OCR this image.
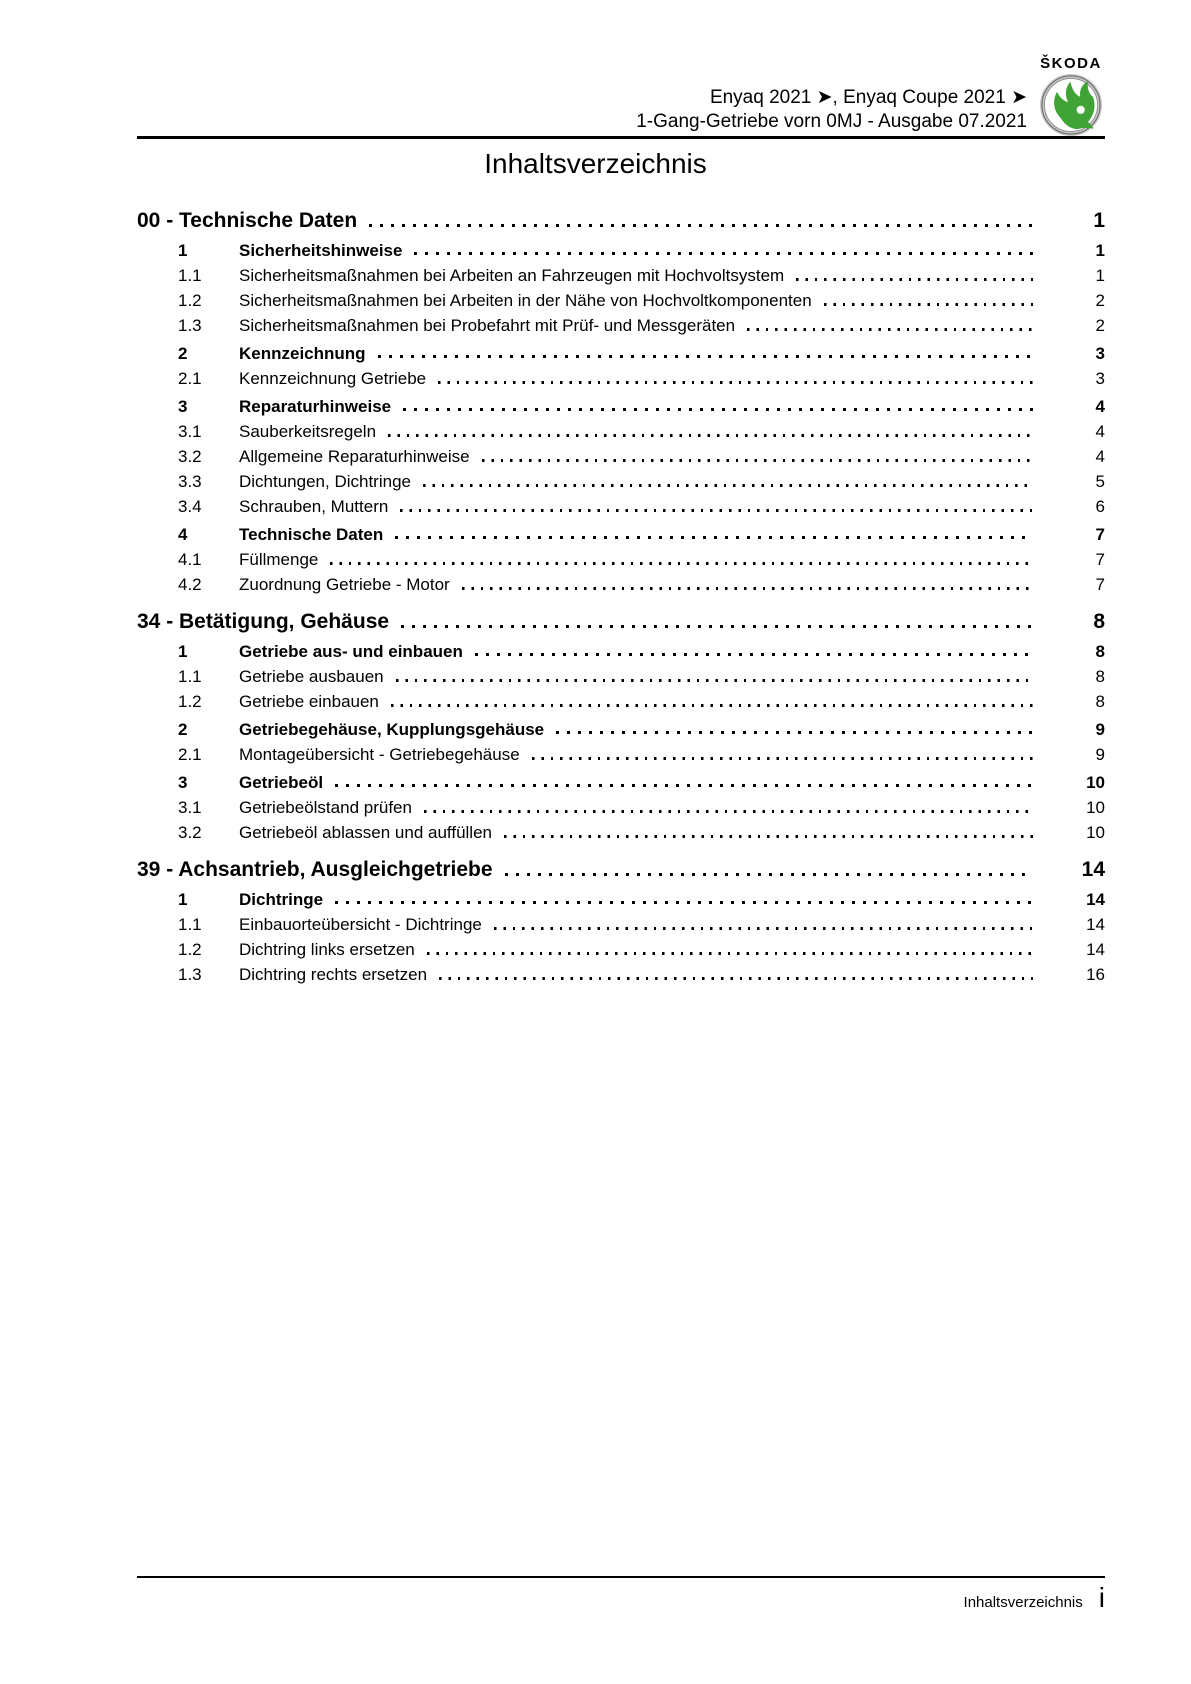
Enyaq 2021 ➤, Enyaq Coupe 2021 ➤
1-Gang-Getriebe vorn 0MJ - Ausgabe 07.2021
ŠKODA
Inhaltsverzeichnis
00 - Technische Daten	1
1	Sicherheitshinweise	1
1.1	Sicherheitsmaßnahmen bei Arbeiten an Fahrzeugen mit Hochvoltsystem	1
1.2	Sicherheitsmaßnahmen bei Arbeiten in der Nähe von Hochvoltkomponenten	2
1.3	Sicherheitsmaßnahmen bei Probefahrt mit Prüf- und Messgeräten	2
2	Kennzeichnung	3
2.1	Kennzeichnung Getriebe	3
3	Reparaturhinweise	4
3.1	Sauberkeitsregeln	4
3.2	Allgemeine Reparaturhinweise	4
3.3	Dichtungen, Dichtringe	5
3.4	Schrauben, Muttern	6
4	Technische Daten	7
4.1	Füllmenge	7
4.2	Zuordnung Getriebe - Motor	7
34 - Betätigung, Gehäuse	8
1	Getriebe aus- und einbauen	8
1.1	Getriebe ausbauen	8
1.2	Getriebe einbauen	8
2	Getriebegehäuse, Kupplungsgehäuse	9
2.1	Montageübersicht - Getriebegehäuse	9
3	Getriebeöl	10
3.1	Getriebeölstand prüfen	10
3.2	Getriebeöl ablassen und auffüllen	10
39 - Achsantrieb, Ausgleichgetriebe	14
1	Dichtringe	14
1.1	Einbauorteübersicht - Dichtringe	14
1.2	Dichtring links ersetzen	14
1.3	Dichtring rechts ersetzen	16
Inhaltsverzeichnis i
